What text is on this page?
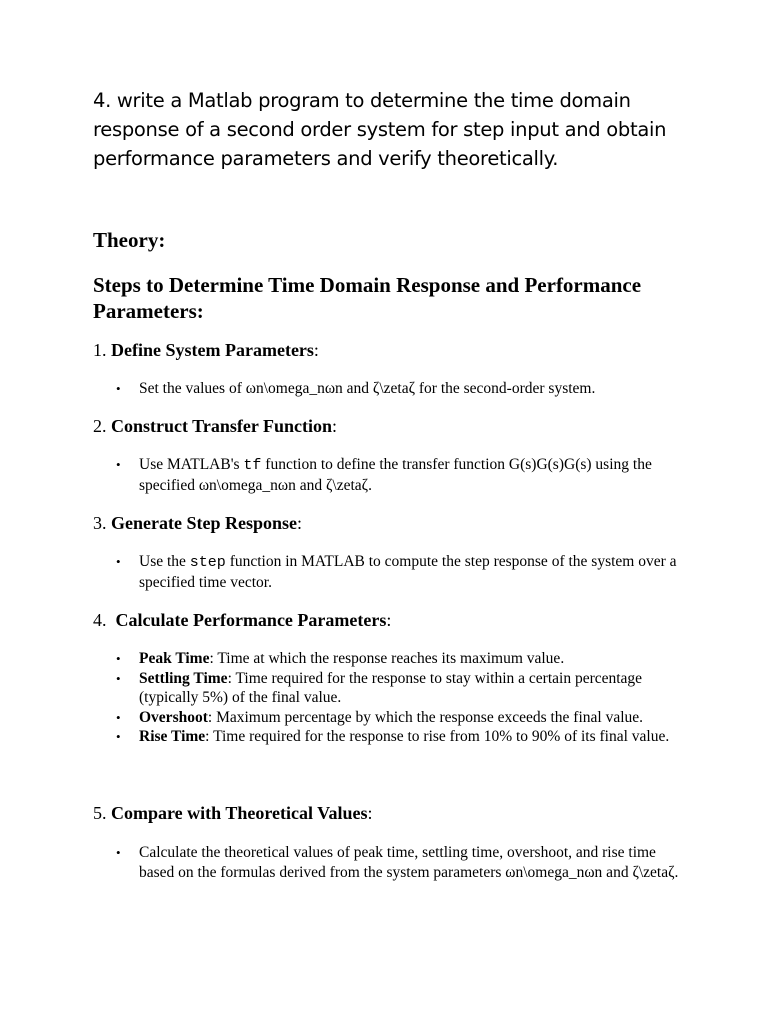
4. write a Matlab program to determine the time domain response of a second order system for step input and obtain performance parameters and verify theoretically.
Theory:
Steps to Determine Time Domain Response and Performance Parameters:
1. Define System Parameters:
• Set the values of ωn\omega_nωn and ζ\zetaζ for the second-order system.
2. Construct Transfer Function:
• Use MATLAB's tf function to define the transfer function G(s)G(s)G(s) using the specified ωn\omega_nωn and ζ\zetaζ.
3. Generate Step Response:
• Use the step function in MATLAB to compute the step response of the system over a specified time vector.
4. Calculate Performance Parameters:
• Peak Time: Time at which the response reaches its maximum value.
• Settling Time: Time required for the response to stay within a certain percentage (typically 5%) of the final value.
• Overshoot: Maximum percentage by which the response exceeds the final value.
• Rise Time: Time required for the response to rise from 10% to 90% of its final value.
5. Compare with Theoretical Values:
• Calculate the theoretical values of peak time, settling time, overshoot, and rise time based on the formulas derived from the system parameters ωn\omega_nωn and ζ\zetaζ.
